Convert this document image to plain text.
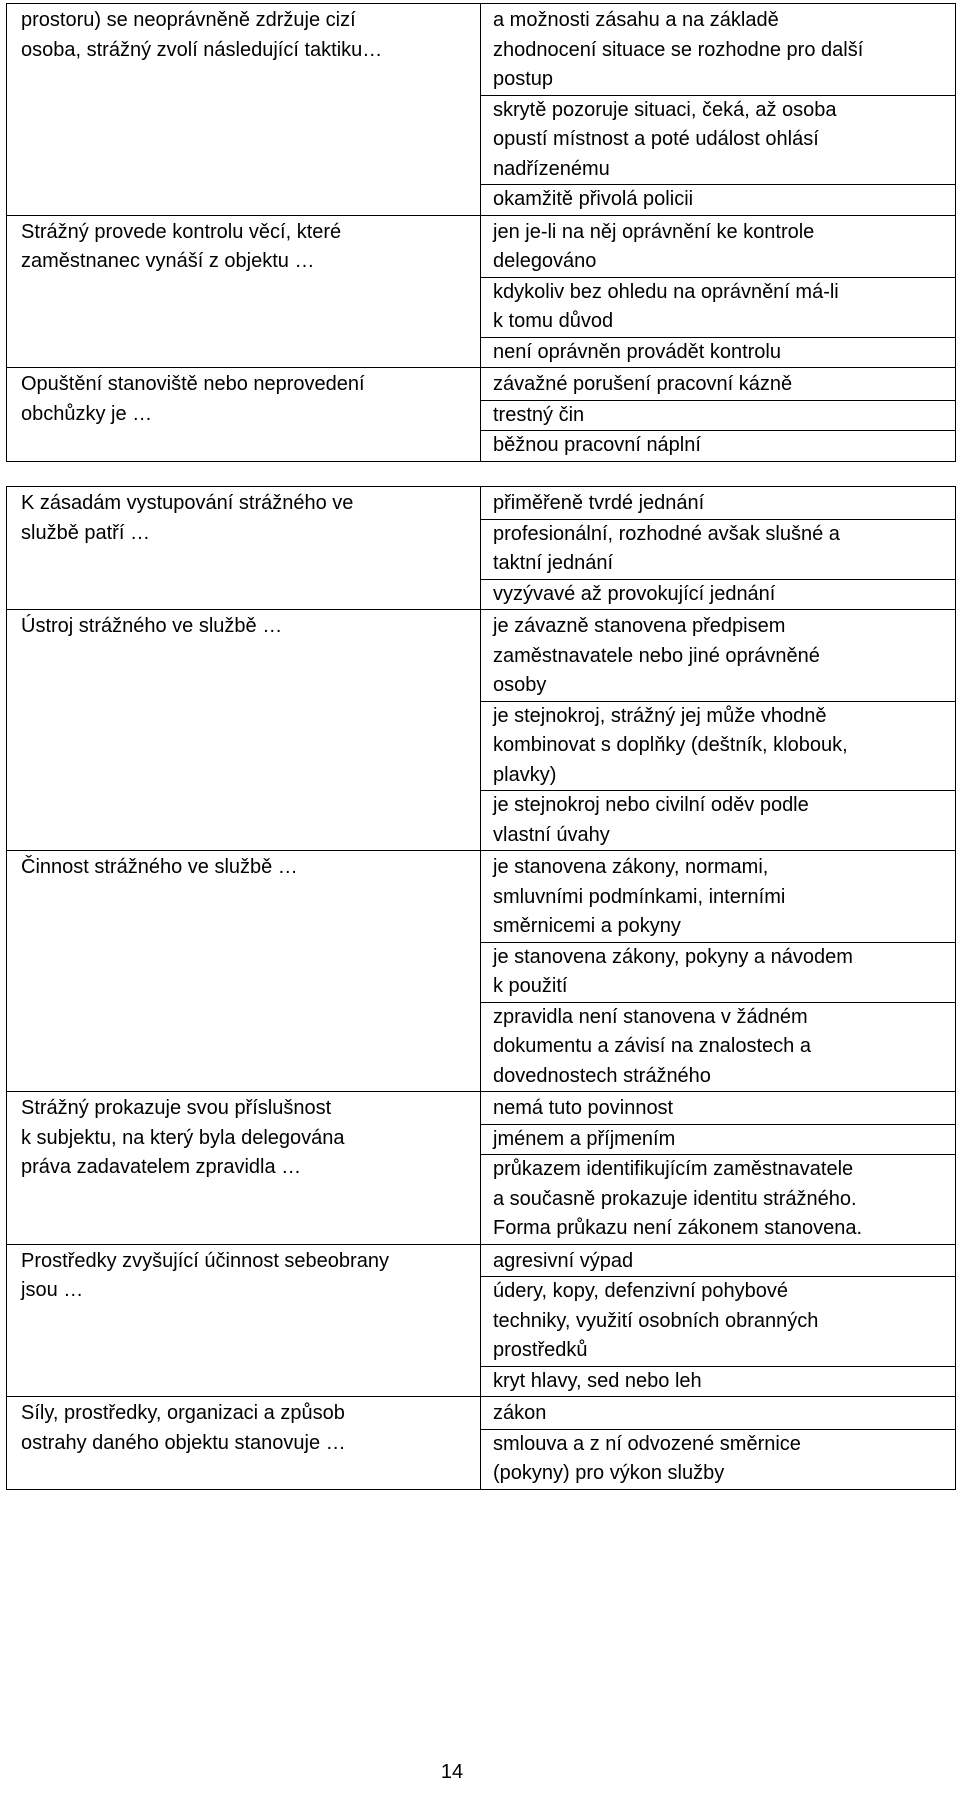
prostoru) se neoprávněně zdržuje cizí
osoba, strážný zvolí následující taktiku…
a možnosti zásahu a na základě
zhodnocení situace se rozhodne pro další
postup
skrytě pozoruje situaci, čeká, až osoba
opustí místnost a poté událost ohlásí
nadřízenému
okamžitě přivolá policii
Strážný provede kontrolu věcí, které
zaměstnanec vynáší z objektu …
jen je-li na něj oprávnění ke kontrole
delegováno
kdykoliv bez ohledu na oprávnění má-li
k tomu důvod
není oprávněn provádět kontrolu
Opuštění stanoviště nebo neprovedení
obchůzky je …
závažné porušení pracovní kázně
trestný čin
běžnou pracovní náplní
K zásadám vystupování strážného ve
službě patří …
přiměřeně tvrdé jednání
profesionální, rozhodné avšak slušné a
taktní jednání
vyzývavé až provokující jednání
Ústroj strážného ve službě …	je závazně stanovena předpisem
zaměstnavatele nebo jiné oprávněné
osoby
je stejnokroj, strážný jej může vhodně
kombinovat s doplňky (deštník, klobouk,
plavky)
je stejnokroj nebo civilní oděv podle
vlastní úvahy
Činnost strážného ve službě …	je stanovena zákony, normami,
smluvními podmínkami, interními
směrnicemi a pokyny
je stanovena zákony, pokyny a návodem
k použití
zpravidla není stanovena v žádném
dokumentu a závisí na znalostech a
dovednostech strážného
Strážný prokazuje svou příslušnost
k subjektu, na který byla delegována
práva zadavatelem zpravidla …
nemá tuto povinnost
jménem a příjmením
průkazem identifikujícím zaměstnavatele
a současně prokazuje identitu strážného.
Forma průkazu není zákonem stanovena.
Prostředky zvyšující účinnost sebeobrany
jsou …
agresivní výpad
údery, kopy, defenzivní pohybové
techniky, využití osobních obranných
prostředků
kryt hlavy, sed nebo leh
Síly, prostředky, organizaci a způsob
ostrahy daného objektu stanovuje …
zákon
smlouva a z ní odvozené směrnice
(pokyny) pro výkon služby
14
